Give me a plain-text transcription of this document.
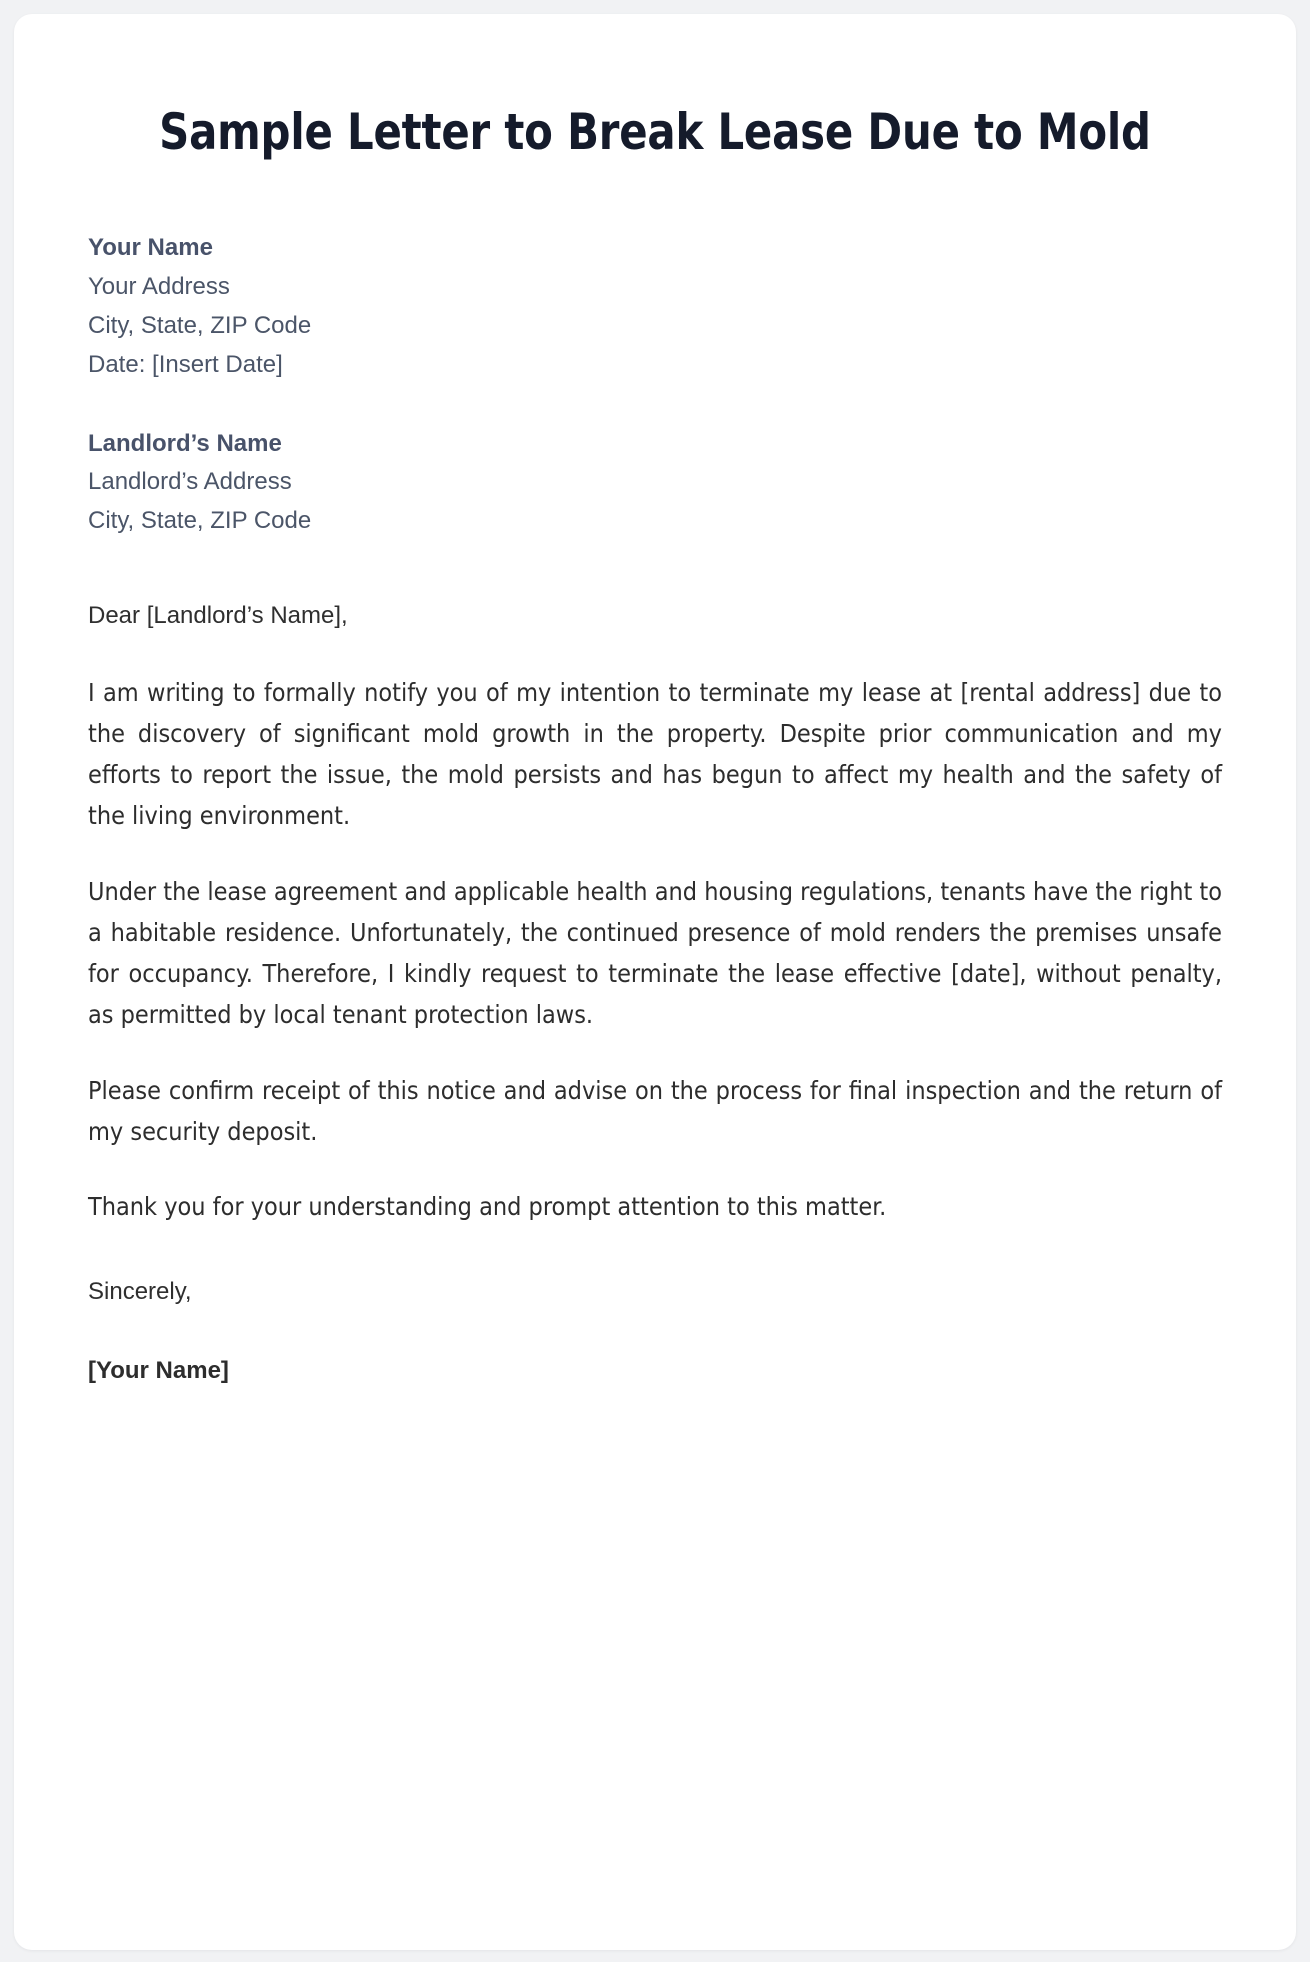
Sample Letter to Break Lease Due to Mold
Your Name
Your Address
City, State, ZIP Code
Date: [Insert Date]
Landlord’s Name
Landlord’s Address
City, State, ZIP Code

Dear [Landlord’s Name],

I am writing to formally notify you of my intention to terminate my lease at [rental address] due to the discovery of significant mold growth in the property. Despite prior communication and my efforts to report the issue, the mold persists and has begun to affect my health and the safety of the living environment.

Under the lease agreement and applicable health and housing regulations, tenants have the right to a habitable residence. Unfortunately, the continued presence of mold renders the premises unsafe for occupancy. Therefore, I kindly request to terminate the lease effective [date], without penalty, as permitted by local tenant protection laws.

Please confirm receipt of this notice and advise on the process for final inspection and the return of my security deposit.

Thank you for your understanding and prompt attention to this matter.

Sincerely,

[Your Name]
